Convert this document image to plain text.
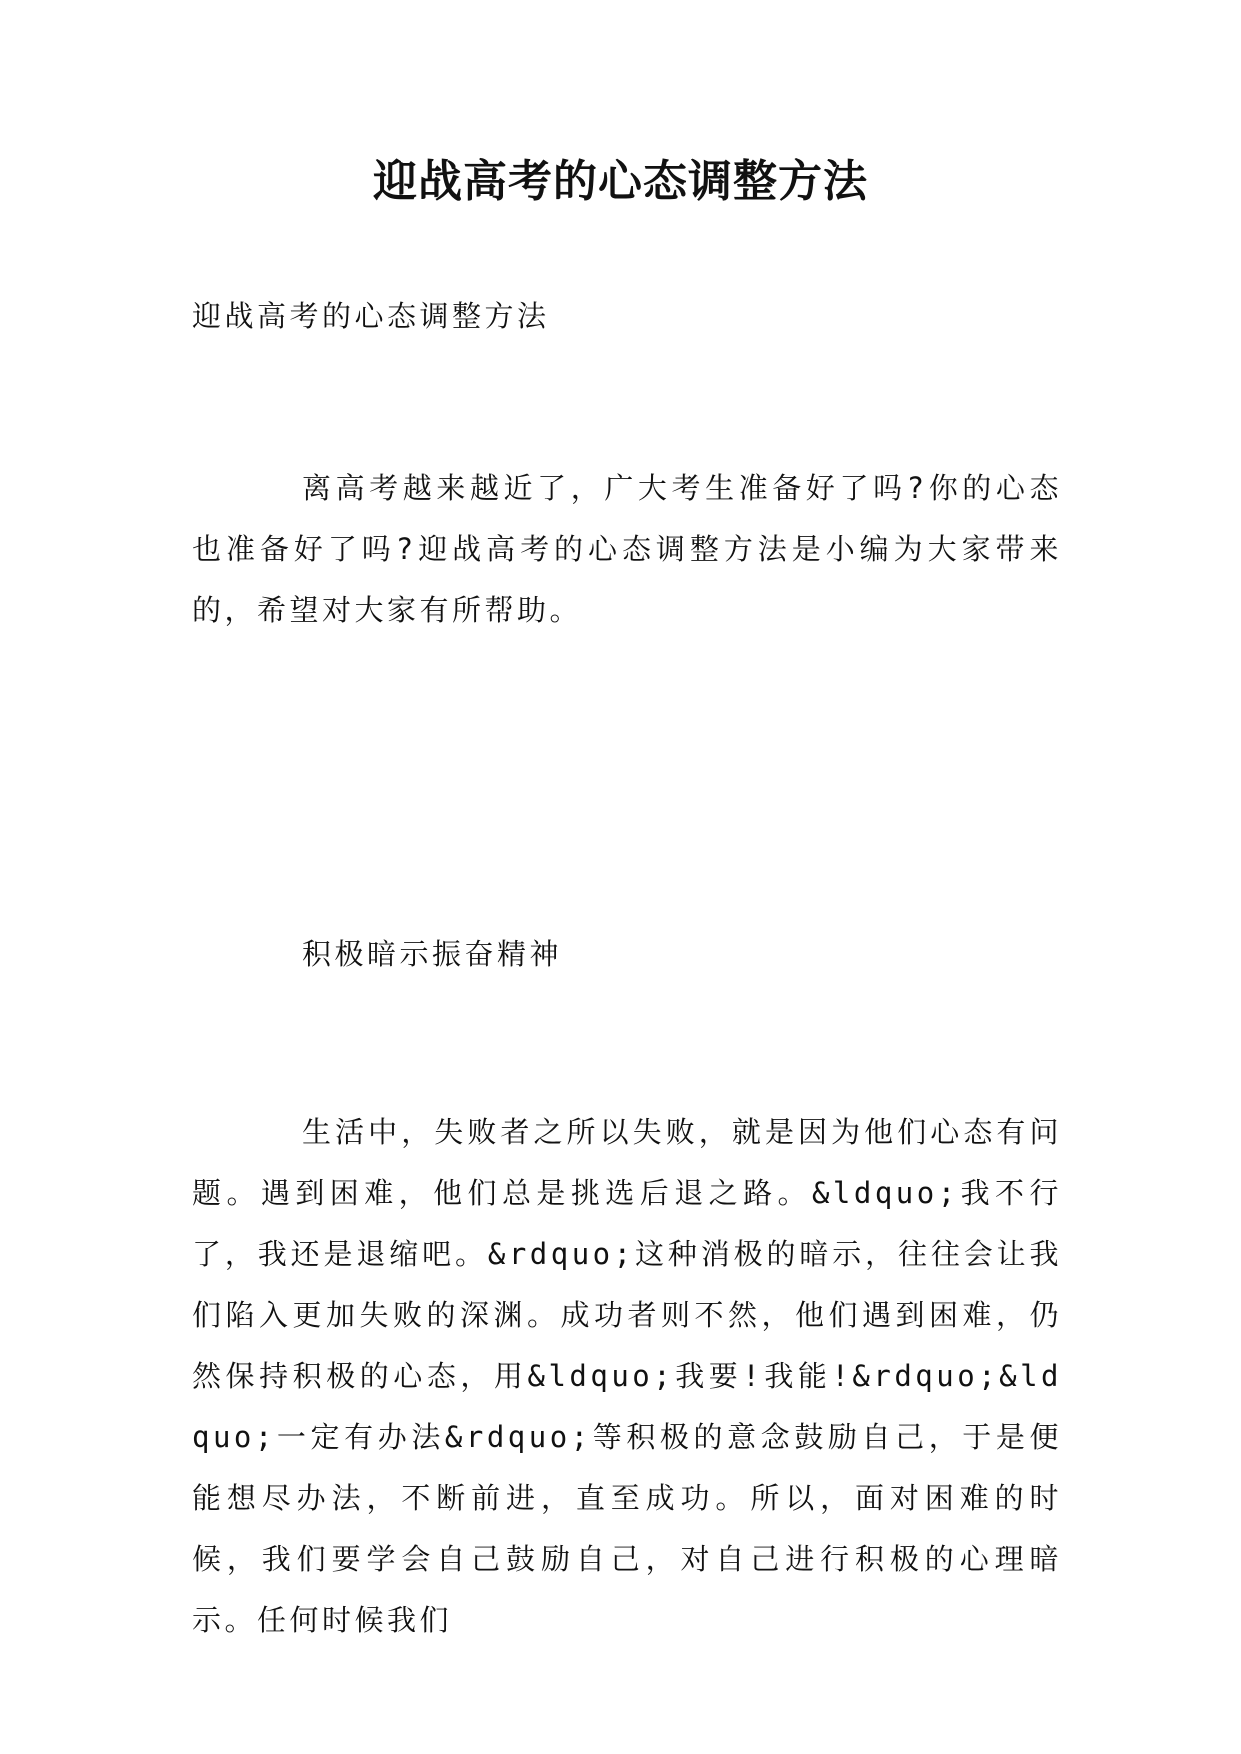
迎战高考的心态调整方法

迎战高考的心态调整方法

离高考越来越近了，广大考生准备好了吗?你的心态也准备好了吗?迎战高考的心态调整方法是小编为大家带来的，希望对大家有所帮助。

积极暗示振奋精神

生活中，失败者之所以失败，就是因为他们心态有问题。遇到困难，他们总是挑选后退之路。&ldquo;我不行了，我还是退缩吧。&rdquo;这种消极的暗示，往往会让我们陷入更加失败的深渊。成功者则不然，他们遇到困难，仍然保持积极的心态，用&ldquo;我要!我能!&rdquo;&ldquo;一定有办法&rdquo;等积极的意念鼓励自己，于是便能想尽办法，不断前进，直至成功。所以，面对困难的时候，我们要学会自己鼓励自己，对自己进行积极的心理暗示。任何时候我们
